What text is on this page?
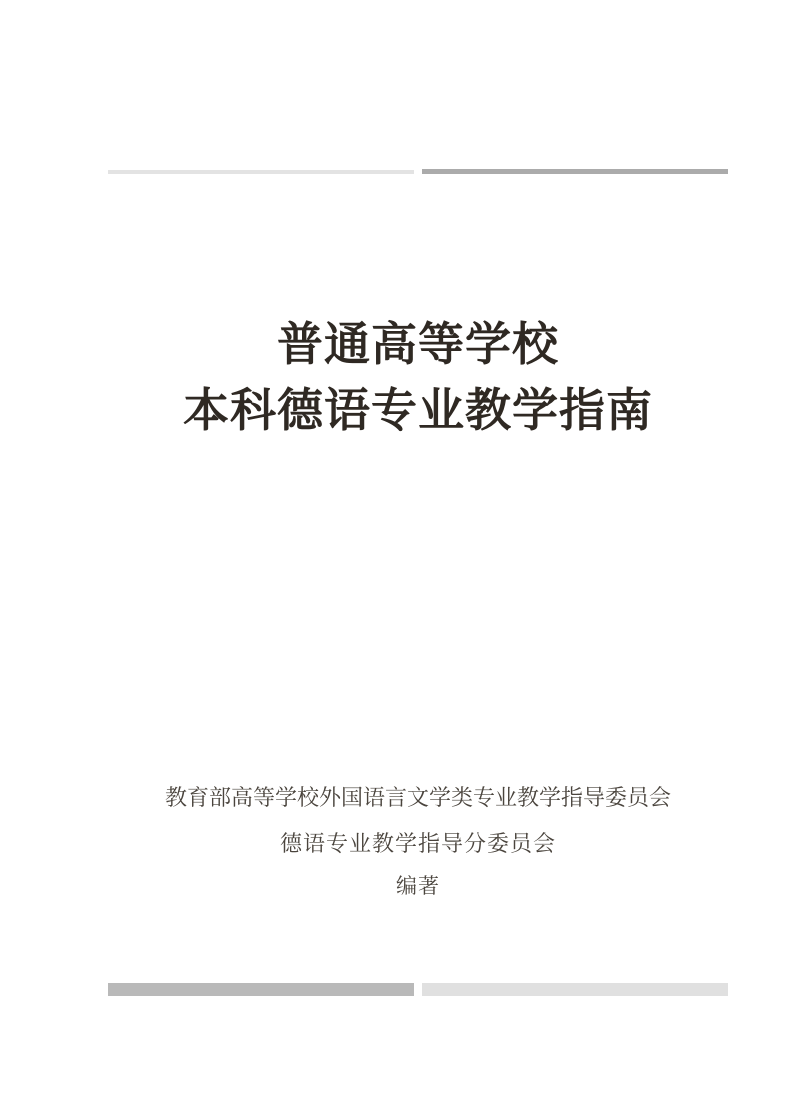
普通高等学校
本科德语专业教学指南
教育部高等学校外国语言文学类专业教学指导委员会
德语专业教学指导分委员会
编著
